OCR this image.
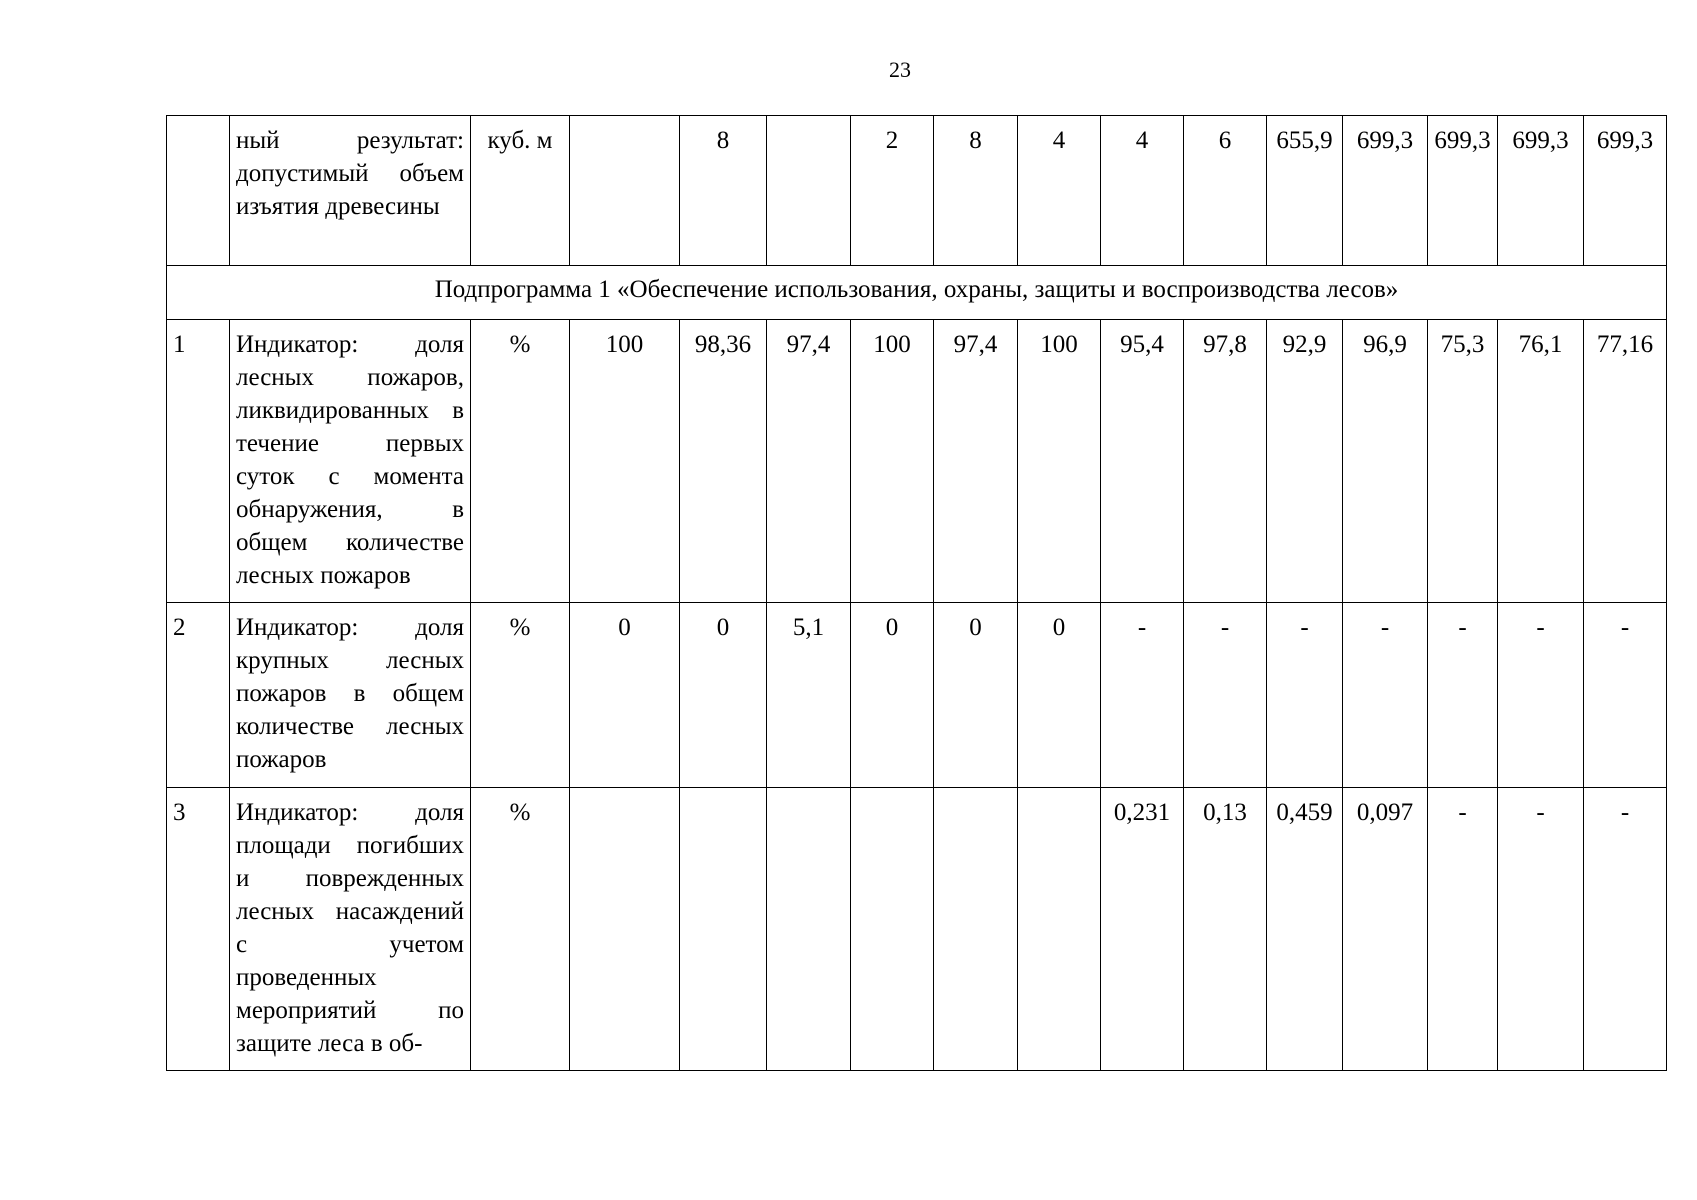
23
	ный результат: допустимый объем изъятия древесины	куб. м		8		2	8	4	4	6	655,9	699,3	699,3	699,3	699,3
Подпрограмма 1 «Обеспечение использования, охраны, защиты и воспроизводства лесов»															
1	Индикатор: доля лесных пожаров, ликвидированных в течение первых суток с момента обнаружения, в общем количестве лесных пожаров	%	100	98,36	97,4	100	97,4	100	95,4	97,8	92,9	96,9	75,3	76,1	77,16
2	Индикатор: доля крупных лесных пожаров в общем количестве лесных пожаров	%	0	0	5,1	0	0	0	-	-	-	-	-	-	-
3	Индикатор: доля площади погибших и поврежденных лесных насаждений с учетом проведенных мероприятий по защите леса в об-	%							0,231	0,13	0,459	0,097	-	-	-
